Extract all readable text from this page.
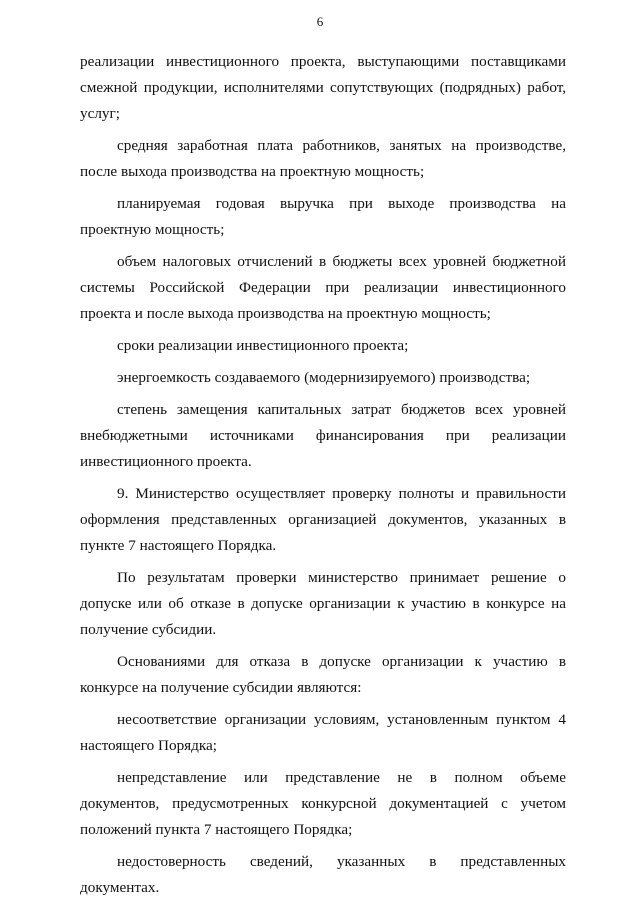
6

реализации инвестиционного проекта, выступающими поставщиками смежной продукции, исполнителями сопутствующих (подрядных) работ, услуг;

средняя заработная плата работников, занятых на производстве, после выхода производства на проектную мощность;

планируемая годовая выручка при выходе производства на проектную мощность;

объем налоговых отчислений в бюджеты всех уровней бюджетной системы Российской Федерации при реализации инвестиционного проекта и после выхода производства на проектную мощность;

сроки реализации инвестиционного проекта;

энергоемкость создаваемого (модернизируемого) производства;

степень замещения капитальных затрат бюджетов всех уровней внебюджетными источниками финансирования при реализации инвестиционного проекта.

9. Министерство осуществляет проверку полноты и правильности оформления представленных организацией документов, указанных в пункте 7 настоящего Порядка.

По результатам проверки министерство принимает решение о допуске или об отказе в допуске организации к участию в конкурсе на получение субсидии.

Основаниями для отказа в допуске организации к участию в конкурсе на получение субсидии являются:

несоответствие организации условиям, установленным пунктом 4 настоящего Порядка;

непредставление или представление не в полном объеме документов, предусмотренных конкурсной документацией с учетом положений пункта 7 настоящего Порядка;

недостоверность сведений, указанных в представленных документах.
